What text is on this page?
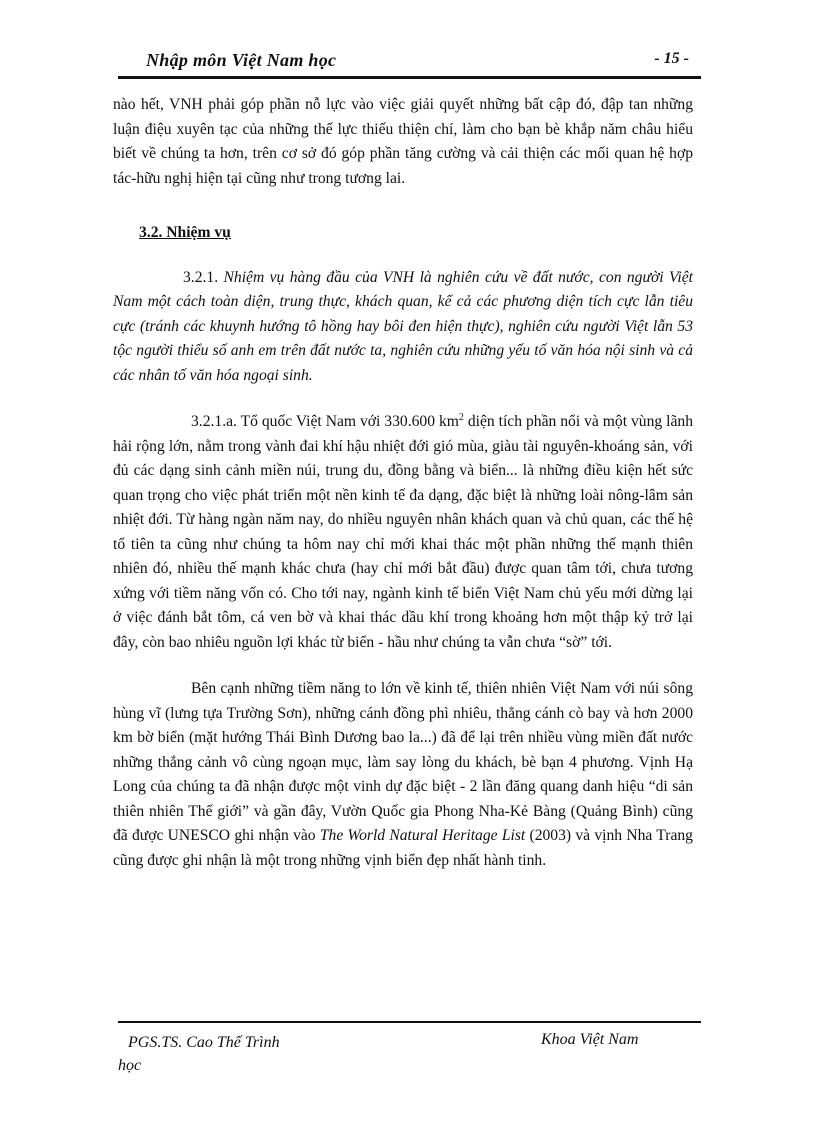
Nhập môn Việt Nam học	- 15 -

nào hết, VNH phải góp phần nỗ lực vào việc giải quyết những bất cập đó, đập tan những luận điệu xuyên tạc của những thế lực thiếu thiện chí, làm cho bạn bè khắp năm châu hiểu biết về chúng ta hơn, trên cơ sở đó góp phần tăng cường và cải thiện các mối quan hệ hợp tác-hữu nghị hiện tại cũng như trong tương lai.

3.2. Nhiệm vụ

3.2.1. Nhiệm vụ hàng đầu của VNH là nghiên cứu về đất nước, con người Việt Nam một cách toàn diện, trung thực, khách quan, kể cả các phương diện tích cực lẫn tiêu cực (tránh các khuynh hướng tô hồng hay bôi đen hiện thực), nghiên cứu người Việt lẫn 53 tộc người thiểu số anh em trên đất nước ta, nghiên cứu những yếu tố văn hóa nội sinh và cả các nhân tố văn hóa ngoại sinh.

3.2.1.a. Tổ quốc Việt Nam với 330.600 $km^2$ diện tích phần nổi và một vùng lãnh hải rộng lớn, nằm trong vành đai khí hậu nhiệt đới gió mùa, giàu tài nguyên-khoáng sản, với đủ các dạng sinh cảnh miền núi, trung du, đồng bằng và biển... là những điều kiện hết sức quan trọng cho việc phát triển một nền kinh tế đa dạng, đặc biệt là những loài nông-lâm sản nhiệt đới. Từ hàng ngàn năm nay, do nhiều nguyên nhân khách quan và chủ quan, các thế hệ tổ tiên ta cũng như chúng ta hôm nay chỉ mới khai thác một phần những thế mạnh thiên nhiên đó, nhiều thế mạnh khác chưa (hay chỉ mới bắt đầu) được quan tâm tới, chưa tương xứng với tiềm năng vốn có. Cho tới nay, ngành kinh tế biển Việt Nam chủ yếu mới dừng lại ở việc đánh bắt tôm, cá ven bờ và khai thác dầu khí trong khoảng hơn một thập kỷ trở lại đây, còn bao nhiêu nguồn lợi khác từ biển - hầu như chúng ta vẫn chưa “sờ” tới.

Bên cạnh những tiềm năng to lớn về kinh tế, thiên nhiên Việt Nam với núi sông hùng vĩ (lưng tựa Trường Sơn), những cánh đồng phì nhiêu, thẳng cánh cò bay và hơn 2000 km bờ biển (mặt hướng Thái Bình Dương bao la...) đã để lại trên nhiều vùng miền đất nước những thắng cảnh vô cùng ngoạn mục, làm say lòng du khách, bè bạn 4 phương. Vịnh Hạ Long của chúng ta đã nhận được một vinh dự đặc biệt - 2 lần đăng quang danh hiệu “di sản thiên nhiên Thế giới” và gần đây, Vườn Quốc gia Phong Nha-Kẻ Bàng (Quảng Bình) cũng đã được UNESCO ghi nhận vào The World Natural Heritage List (2003) và vịnh Nha Trang cũng được ghi nhận là một trong những vịnh biển đẹp nhất hành tinh.

PGS.TS. Cao Thế Trình
học
Khoa Việt Nam
